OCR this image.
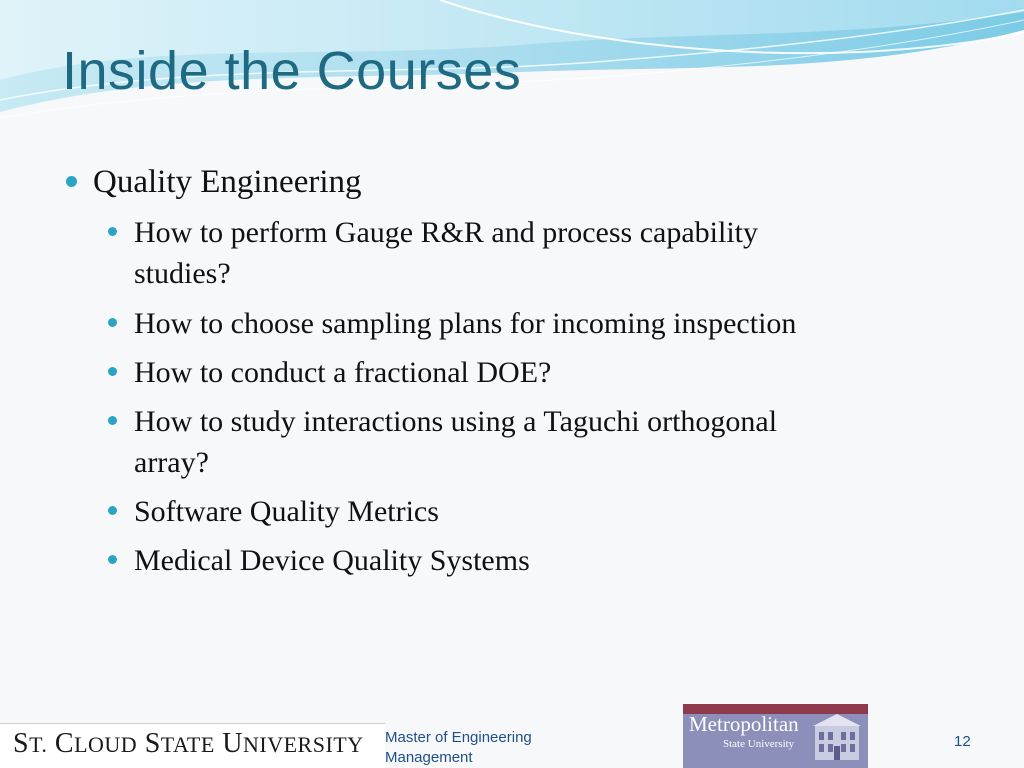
Inside the Courses
Quality Engineering
How to perform Gauge R&R and process capability
studies?
How to choose sampling plans for incoming inspection
How to conduct a fractional DOE?
How to study interactions using a Taguchi orthogonal
array?
Software Quality Metrics
Medical Device Quality Systems
ST. CLOUD STATE UNIVERSITY Master of Engineering
Management
Metropolitan
State University	12
